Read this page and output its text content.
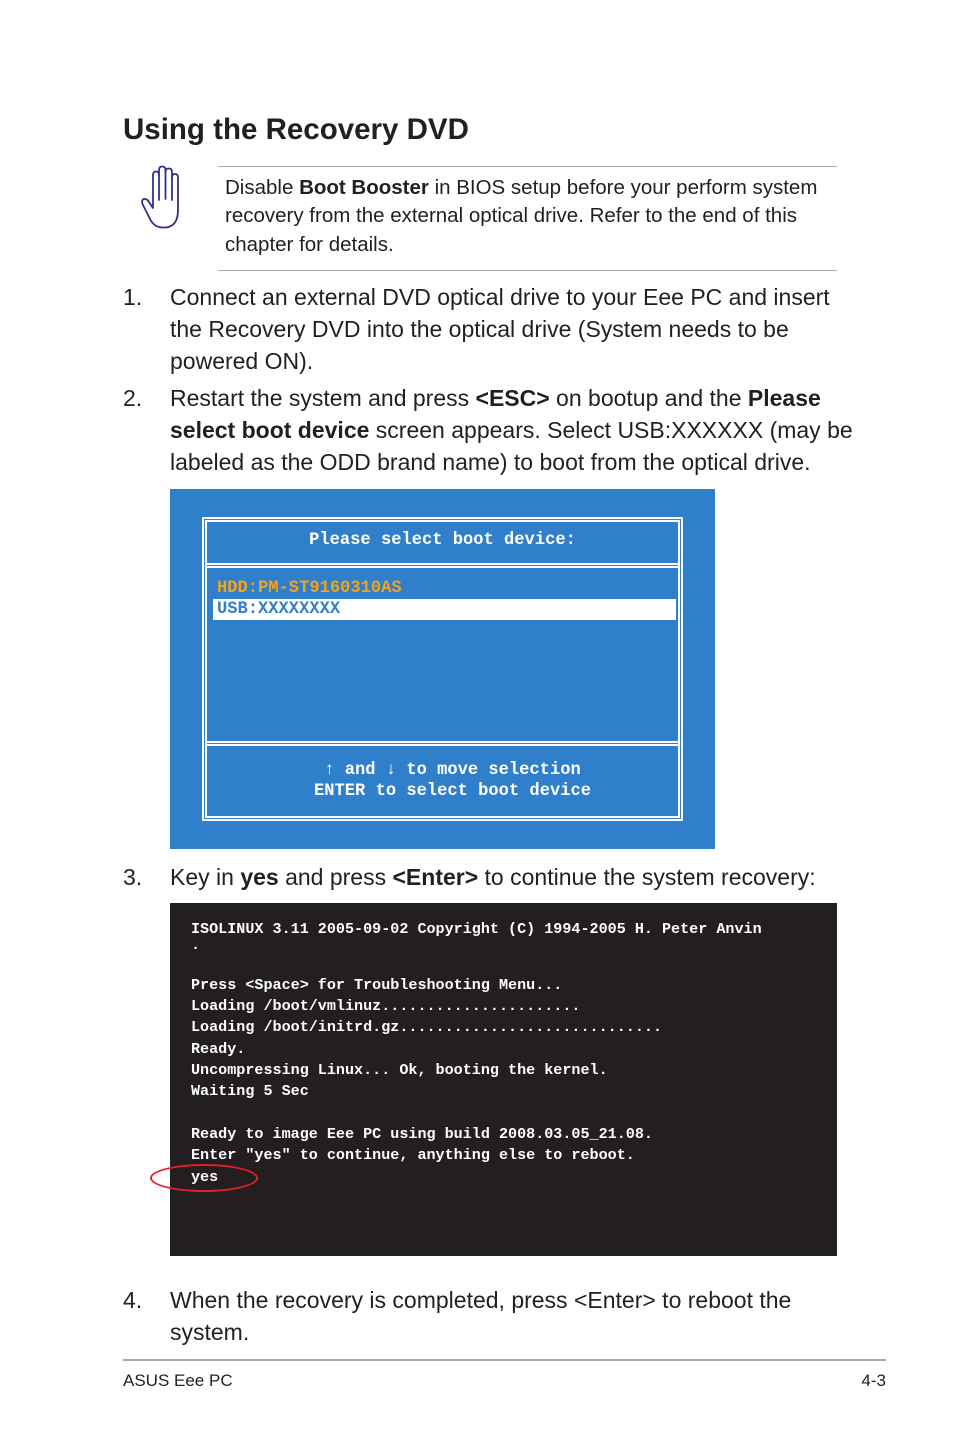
Using the Recovery DVD
Disable Boot Booster in BIOS setup before your perform system
recovery from the external optical drive. Refer to the end of this
chapter for details.
1. Connect an external DVD optical drive to your Eee PC and insert
the Recovery DVD into the optical drive (System needs to be
powered ON).
2. Restart the system and press <ESC> on bootup and the Please
select boot device screen appears. Select USB:XXXXXX (may be
labeled as the ODD brand name) to boot from the optical drive.
Please select boot device:
HDD:PM-ST9160310AS
USB:XXXXXXXX
↑ and ↓ to move selection
ENTER to select boot device
3. Key in yes and press <Enter> to continue the system recovery:
ISOLINUX 3.11 2005-09-02 Copyright (C) 1994-2005 H. Peter Anvin
.
Press <Space> for Troubleshooting Menu...
Loading /boot/vmlinuz......................
Loading /boot/initrd.gz.............................
Ready.
Uncompressing Linux... Ok, booting the kernel.
Waiting 5 Sec
Ready to image Eee PC using build 2008.03.05_21.08.
Enter "yes" to continue, anything else to reboot.
yes
4. When the recovery is completed, press <Enter> to reboot the
system.
ASUS Eee PC	4-3
